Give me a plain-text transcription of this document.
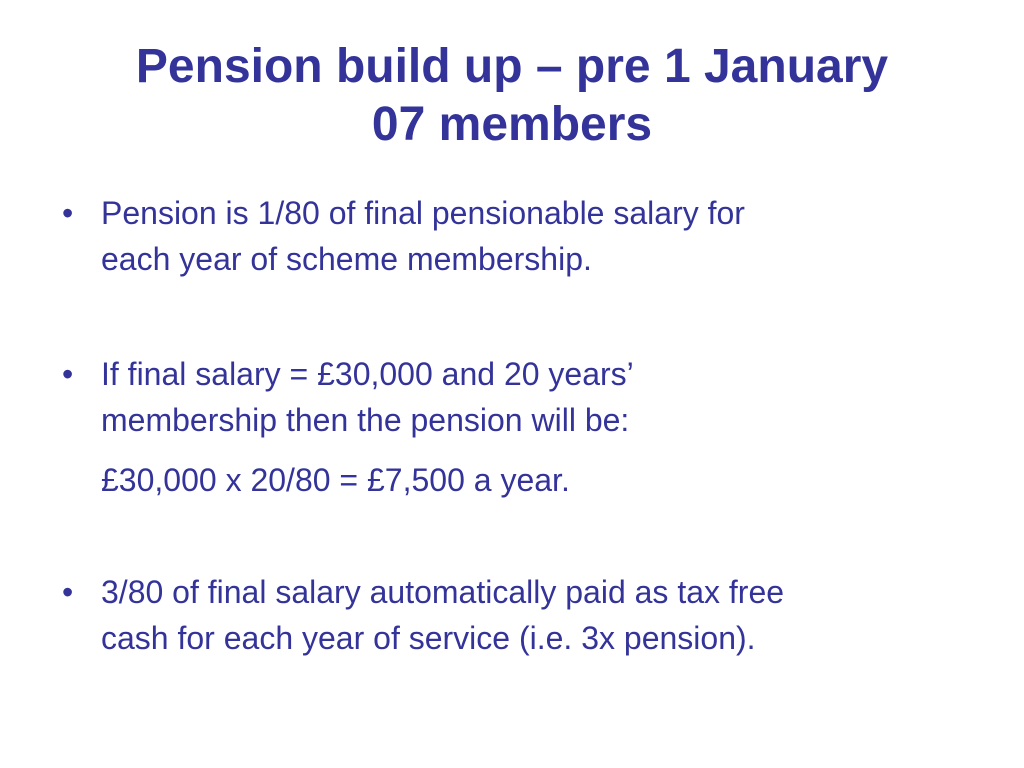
Pension build up – pre 1 January
07 members
• Pension is 1/80 of final pensionable salary for
each year of scheme membership.
• If final salary = £30,000 and 20 years’
membership then the pension will be:
£30,000 x 20/80 = £7,500 a year.
• 3/80 of final salary automatically paid as tax free
cash for each year of service (i.e. 3x pension).
